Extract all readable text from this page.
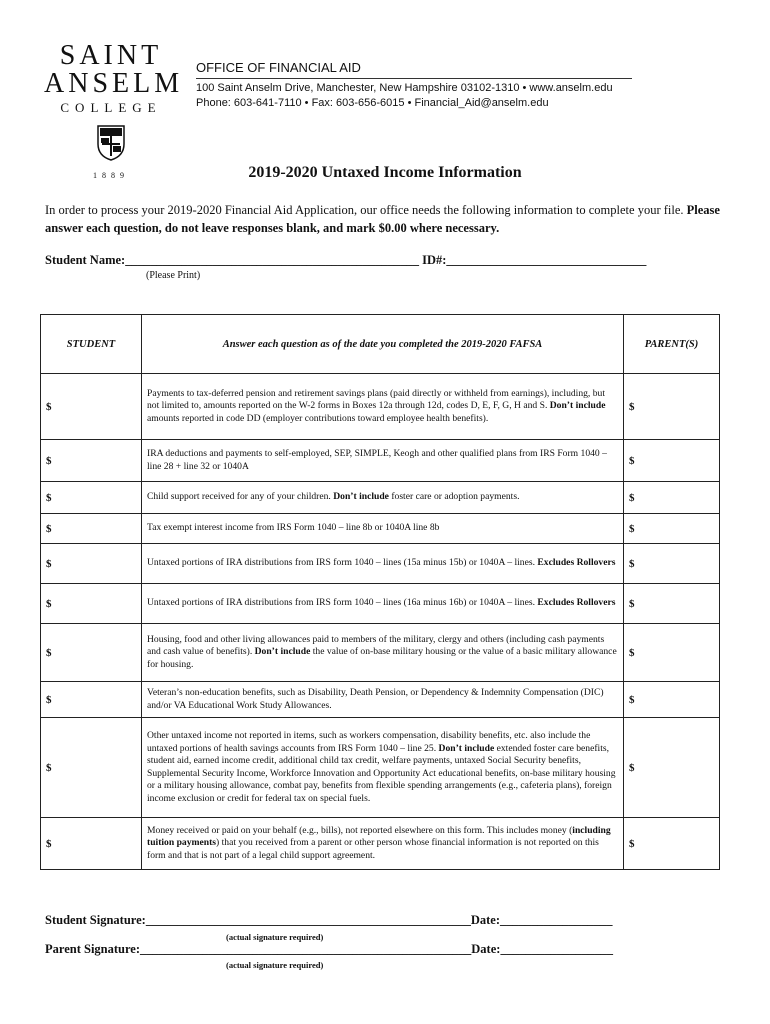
SAINT
ANSELM
COLLEGE
1889
OFFICE OF FINANCIAL AID
100 Saint Anselm Drive, Manchester, New Hampshire 03102-1310 • www.anselm.edu
Phone: 603-641-7110 • Fax: 603-656-6015 • Financial_Aid@anselm.edu
2019-2020 Untaxed Income Information
In order to process your 2019-2020 Financial Aid Application, our office needs the following information to complete your file. Please answer each question, do not leave responses blank, and mark $0.00 where necessary.
Student Name:_______________________________________________ ID#:________________________________
(Please Print)
STUDENT	Answer each question as of the date you completed the 2019-2020 FAFSA	PARENT(S)
$	Payments to tax-deferred pension and retirement savings plans (paid directly or withheld from earnings), including, but not limited to, amounts reported on the W-2 forms in Boxes 12a through 12d, codes D, E, F, G, H and S. Don’t include amounts reported in code DD (employer contributions toward employee health benefits).	$
$	IRA deductions and payments to self-employed, SEP, SIMPLE, Keogh and other qualified plans from IRS Form 1040 – line 28 + line 32 or 1040A	$
$	Child support received for any of your children. Don’t include foster care or adoption payments.	$
$	Tax exempt interest income from IRS Form 1040 – line 8b or 1040A line 8b	$
$	Untaxed portions of IRA distributions from IRS form 1040 – lines (15a minus 15b) or 1040A – lines. Excludes Rollovers	$
$	Untaxed portions of IRA distributions from IRS form 1040 – lines (16a minus 16b) or 1040A – lines. Excludes Rollovers	$
$	Housing, food and other living allowances paid to members of the military, clergy and others (including cash payments and cash value of benefits). Don’t include the value of on-base military housing or the value of a basic military allowance for housing.	$
$	Veteran’s non-education benefits, such as Disability, Death Pension, or Dependency & Indemnity Compensation (DIC) and/or VA Educational Work Study Allowances.	$
$	Other untaxed income not reported in items, such as workers compensation, disability benefits, etc. also include the untaxed portions of health savings accounts from IRS Form 1040 – line 25. Don’t include extended foster care benefits, student aid, earned income credit, additional child tax credit, welfare payments, untaxed Social Security benefits, Supplemental Security Income, Workforce Innovation and Opportunity Act educational benefits, on-base military housing or a military housing allowance, combat pay, benefits from flexible spending arrangements (e.g., cafeteria plans), foreign income exclusion or credit for federal tax on special fuels.	$
$	Money received or paid on your behalf (e.g., bills), not reported elsewhere on this form. This includes money (including tuition payments) that you received from a parent or other person whose financial information is not reported on this form and that is not part of a legal child support agreement.	$
Student Signature:____________________________________________________Date:__________________
(actual signature required)
Parent Signature:_____________________________________________________Date:__________________
(actual signature required)
